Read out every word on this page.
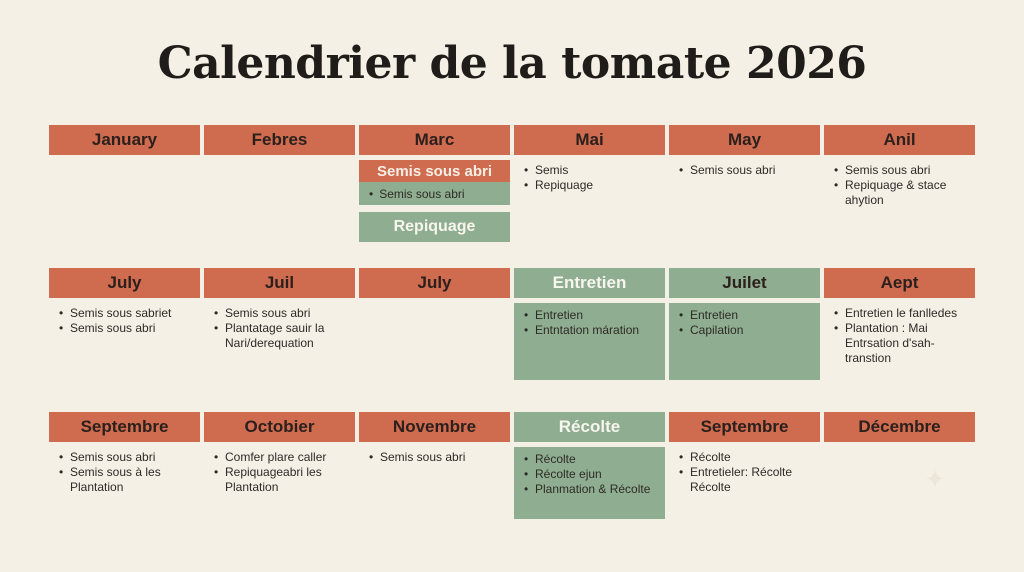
Calendrier de la tomate 2026
January	Febres	Marc
Semis sous abri
• Semis sous abri
Repiquage
Mai
• Semis
• Repiquage
May
• Semis sous abri
Anil
• Semis sous abri
• Repiquage & stace ahytion
July
• Semis sous sabriet
• Semis sous abri
Juil
• Semis sous abri
• Plantatage sauir la Nari/derequation
July	Entretien
• Entretien
• Entntation máration
Juilet
• Entretien
• Capilation
Aept
• Entretien le fanlledes
• Plantation : Mai Entrsation d'sah-transtion
Septembre
• Semis sous abri
• Semis sous à les Plantation
Octobier
• Comfer plare caller
• Repiquageabri les Plantation
Novembre
• Semis sous abri
Récolte
• Récolte
• Récolte ejun
• Planmation & Récolte
Septembre
• Récolte
• Entretieler: Récolte Récolte
Décembre
✦
